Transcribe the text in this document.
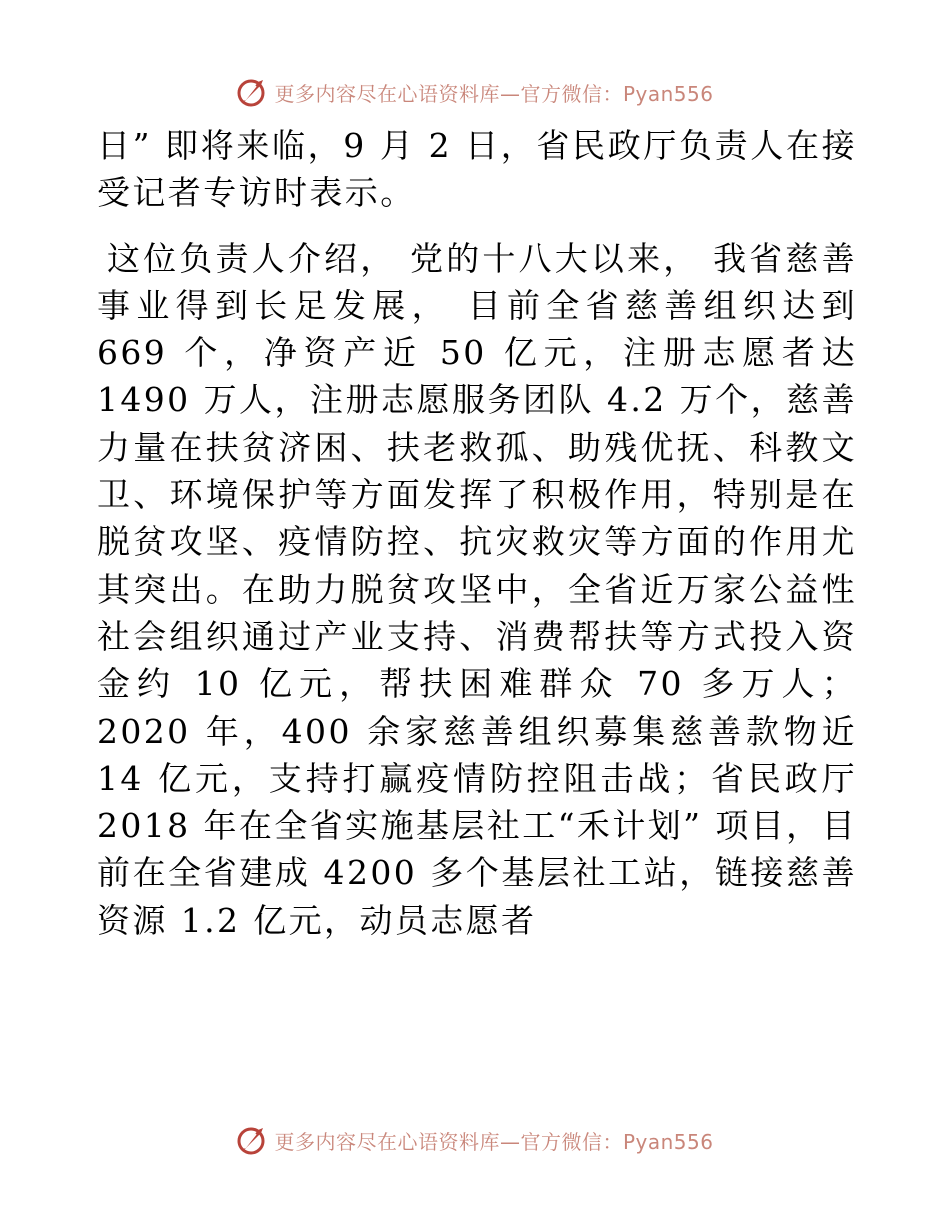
更多内容尽在心语资料库—官方微信：Pyan556

日” 即将来临，9 月 2 日，省民政厅负责人在接受记者专访时表示。

这位负责人介绍， 党的十八大以来， 我省慈善事业得到长足发展， 目前全省慈善组织达到 669 个，净资产近 50 亿元，注册志愿者达 1490 万人，注册志愿服务团队 4.2 万个，慈善力量在扶贫济困、扶老救孤、助残优抚、科教文卫、环境保护等方面发挥了积极作用，特别是在脱贫攻坚、疫情防控、抗灾救灾等方面的作用尤其突出。在助力脱贫攻坚中，全省近万家公益性社会组织通过产业支持、消费帮扶等方式投入资金约 10 亿元，帮扶困难群众 70 多万人；2020 年，400 余家慈善组织募集慈善款物近 14 亿元，支持打赢疫情防控阻击战；省民政厅 2018 年在全省实施基层社工“禾计划” 项目，目前在全省建成 4200 多个基层社工站，链接慈善资源 1.2 亿元，动员志愿者

更多内容尽在心语资料库—官方微信：Pyan556
